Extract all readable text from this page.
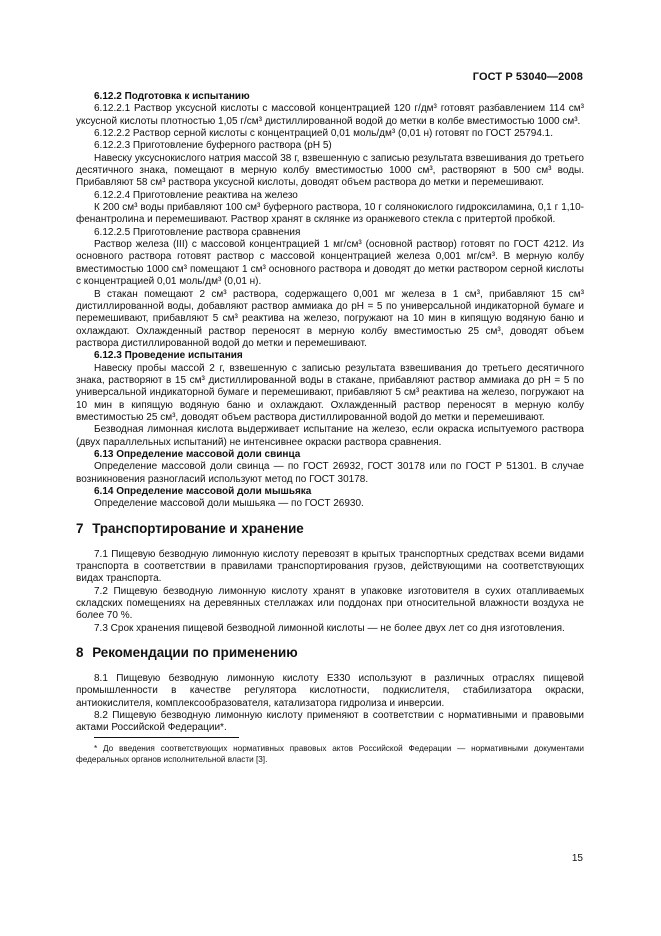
ГОСТ Р 53040—2008

6.12.2 Подготовка к испытанию

6.12.2.1 Раствор уксусной кислоты с массовой концентрацией 120 г/дм³ готовят разбавлением 114 см³ уксусной кислоты плотностью 1,05 г/см³ дистиллированной водой до метки в колбе вместимостью 1000 см³.

6.12.2.2 Раствор серной кислоты с концентрацией 0,01 моль/дм³ (0,01 н) готовят по ГОСТ 25794.1.

6.12.2.3 Приготовление буферного раствора (рН 5)

Навеску уксуснокислого натрия массой 38 г, взвешенную с записью результата взвешивания до третьего десятичного знака, помещают в мерную колбу вместимостью 1000 см³, растворяют в 500 см³ воды. Прибавляют 58 см³ раствора уксусной кислоты, доводят объем раствора до метки и перемешивают.

6.12.2.4 Приготовление реактива на железо

К 200 см³ воды прибавляют 100 см³ буферного раствора, 10 г солянокислого гидроксиламина, 0,1 г 1,10-фенантролина и перемешивают. Раствор хранят в склянке из оранжевого стекла с притертой пробкой.

6.12.2.5 Приготовление раствора сравнения

Раствор железа (III) с массовой концентрацией 1 мг/см³ (основной раствор) готовят по ГОСТ 4212. Из основного раствора готовят раствор с массовой концентрацией железа 0,001 мг/см³. В мерную колбу вместимостью 1000 см³ помещают 1 см³ основного раствора и доводят до метки раствором серной кислоты с концентрацией 0,01 моль/дм³ (0,01 н).

В стакан помещают 2 см³ раствора, содержащего 0,001 мг железа в 1 см³, прибавляют 15 см³ дистиллированной воды, добавляют раствор аммиака до рН = 5 по универсальной индикаторной бумаге и перемешивают, прибавляют 5 см³ реактива на железо, погружают на 10 мин в кипящую водяную баню и охлаждают. Охлажденный раствор переносят в мерную колбу вместимостью 25 см³, доводят объем раствора дистиллированной водой до метки и перемешивают.

6.12.3 Проведение испытания

Навеску пробы массой 2 г, взвешенную с записью результата взвешивания до третьего десятичного знака, растворяют в 15 см³ дистиллированной воды в стакане, прибавляют раствор аммиака до рН = 5 по универсальной индикаторной бумаге и перемешивают, прибавляют 5 см³ реактива на железо, погружают на 10 мин в кипящую водяную баню и охлаждают. Охлажденный раствор переносят в мерную колбу вместимостью 25 см³, доводят объем раствора дистиллированной водой до метки и перемешивают.

Безводная лимонная кислота выдерживает испытание на железо, если окраска испытуемого раствора (двух параллельных испытаний) не интенсивнее окраски раствора сравнения.

6.13 Определение массовой доли свинца

Определение массовой доли свинца — по ГОСТ 26932, ГОСТ 30178 или по ГОСТ Р 51301. В случае возникновения разногласий используют метод по ГОСТ 30178.

6.14 Определение массовой доли мышьяка

Определение массовой доли мышьяка — по ГОСТ 26930.

7 Транспортирование и хранение

7.1 Пищевую безводную лимонную кислоту перевозят в крытых транспортных средствах всеми видами транспорта в соответствии в правилами транспортирования грузов, действующими на соответствующих видах транспорта.

7.2 Пищевую безводную лимонную кислоту хранят в упаковке изготовителя в сухих отапливаемых складских помещениях на деревянных стеллажах или поддонах при относительной влажности воздуха не более 70 %.

7.3 Срок хранения пищевой безводной лимонной кислоты — не более двух лет со дня изготовления.

8 Рекомендации по применению

8.1 Пищевую безводную лимонную кислоту Е330 используют в различных отраслях пищевой промышленности в качестве регулятора кислотности, подкислителя, стабилизатора окраски, антиокислителя, комплексообразователя, катализатора гидролиза и инверсии.

8.2 Пищевую безводную лимонную кислоту применяют в соответствии с нормативными и правовыми актами Российской Федерации*.

* До введения соответствующих нормативных правовых актов Российской Федерации — нормативными документами федеральных органов исполнительной власти [3].

15
